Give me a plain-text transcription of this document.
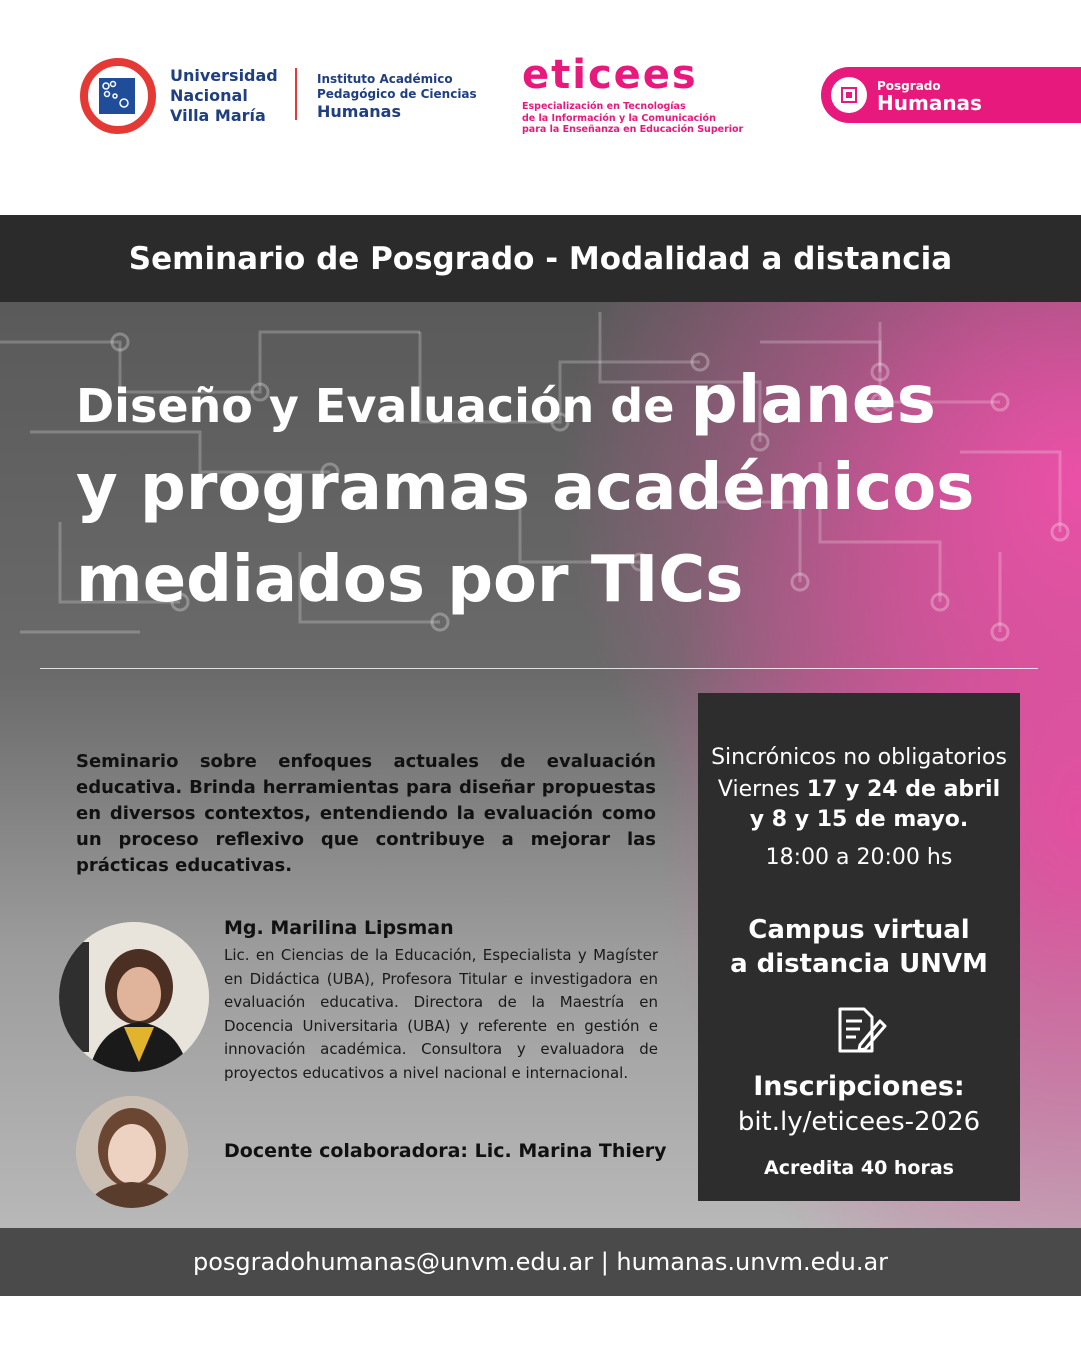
Universidad
Nacional
Villa María
Instituto Académico
Pedagógico de Ciencias
Humanas
eticees
Especialización en Tecnologías
de la Información y la Comunicación
para la Enseñanza en Educación Superior
Posgrado
Humanas
Seminario de Posgrado - Modalidad a distancia
Diseño y Evaluación de planes
y programas académicos
mediados por TICs
Seminario sobre enfoques actuales de evaluación educativa. Brinda herramientas para diseñar propuestas en diversos contextos, entendiendo la evaluación como un proceso reflexivo que contribuye a mejorar las prácticas educativas.
Mg. Marilina Lipsman
Lic. en Ciencias de la Educación, Especialista y Magíster en Didáctica (UBA), Profesora Titular e investigadora en evaluación educativa. Directora de la Maestría en Docencia Universitaria (UBA) y referente en gestión e innovación académica. Consultora y evaluadora de proyectos educativos a nivel nacional e internacional.
Docente colaboradora: Lic. Marina Thiery
Sincrónicos no obligatorios
Viernes 17 y 24 de abril
y 8 y 15 de mayo.
18:00 a 20:00 hs
Campus virtual
a distancia UNVM
Inscripciones:
bit.ly/eticees-2026
Acredita 40 horas
posgradohumanas@unvm.edu.ar | humanas.unvm.edu.ar
